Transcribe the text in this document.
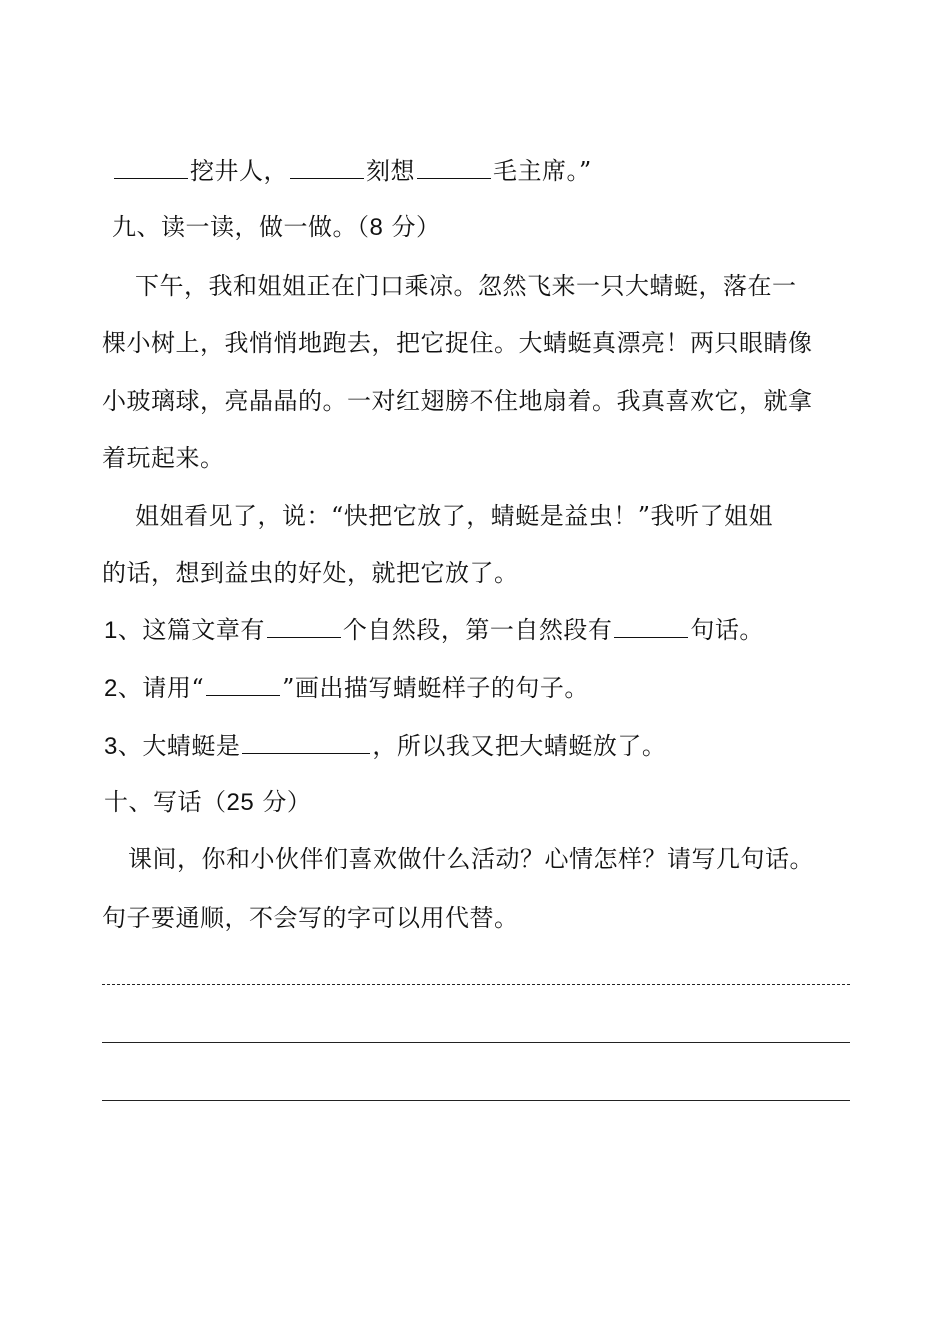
挖井人，	刻想	毛主席。”
九、读一读，做一做。（8 分）
下午，我和姐姐正在门口乘凉。忽然飞来一只大蜻蜓，落在一
棵小树上，我悄悄地跑去，把它捉住。大蜻蜓真漂亮！两只眼睛像
小玻璃球，亮晶晶的。一对红翅膀不住地扇着。我真喜欢它，就拿
着玩起来。
姐姐看见了，说：“快把它放了，蜻蜓是益虫！”我听了姐姐
的话，想到益虫的好处，就把它放了。
1、这篇文章有	个自然段，第一自然段有	句话。
2、请用“	”画出描写蜻蜓样子的句子。
3、大蜻蜓是	，所以我又把大蜻蜓放了。
十、写话（25 分）
课间，你和小伙伴们喜欢做什么活动？心情怎样？请写几句话。
句子要通顺，不会写的字可以用代替。
